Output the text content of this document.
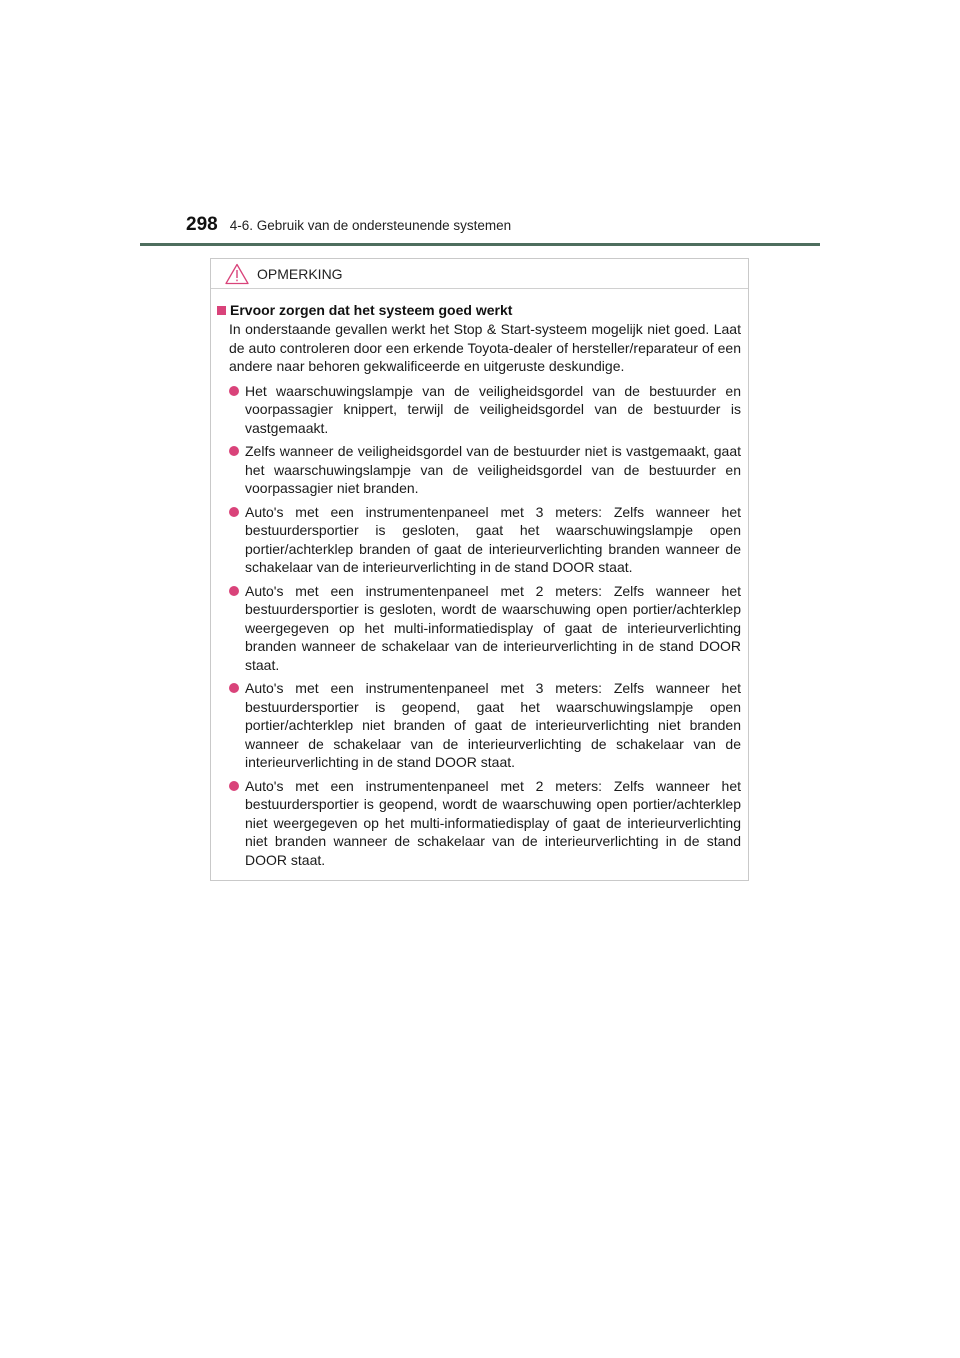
298 4-6. Gebruik van de ondersteunende systemen
OPMERKING
Ervoor zorgen dat het systeem goed werkt

In onderstaande gevallen werkt het Stop & Start-systeem mogelijk niet goed. Laat de auto controleren door een erkende Toyota-dealer of hersteller/reparateur of een andere naar behoren gekwalificeerde en uitgeruste deskundige.

Het waarschuwingslampje van de veiligheidsgordel van de bestuurder en voorpassagier knippert, terwijl de veiligheidsgordel van de bestuurder is vastgemaakt.
Zelfs wanneer de veiligheidsgordel van de bestuurder niet is vastgemaakt, gaat het waarschuwingslampje van de veiligheidsgordel van de bestuurder en voorpassagier niet branden.
Auto's met een instrumentenpaneel met 3 meters: Zelfs wanneer het bestuurdersportier is gesloten, gaat het waarschuwingslampje open portier/achterklep branden of gaat de interieurverlichting branden wanneer de schakelaar van de interieurverlichting in de stand DOOR staat.
Auto's met een instrumentenpaneel met 2 meters: Zelfs wanneer het bestuurdersportier is gesloten, wordt de waarschuwing open portier/achterklep weergegeven op het multi-informatiedisplay of gaat de interieurverlichting branden wanneer de schakelaar van de interieurverlichting in de stand DOOR staat.
Auto's met een instrumentenpaneel met 3 meters: Zelfs wanneer het bestuurdersportier is geopend, gaat het waarschuwingslampje open portier/achterklep niet branden of gaat de interieurverlichting niet branden wanneer de schakelaar van de interieurverlichting de schakelaar van de interieurverlichting in de stand DOOR staat.
Auto's met een instrumentenpaneel met 2 meters: Zelfs wanneer het bestuurdersportier is geopend, wordt de waarschuwing open portier/achterklep niet weergegeven op het multi-informatiedisplay of gaat de interieurverlichting niet branden wanneer de schakelaar van de interieurverlichting in de stand DOOR staat.
